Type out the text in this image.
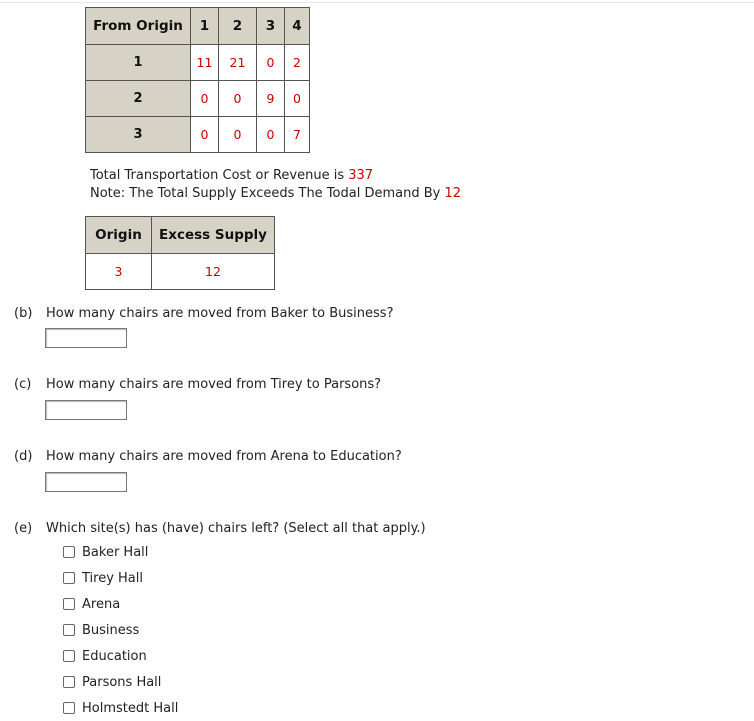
From Origin	1	2	3	4
1	11	21	0	2
2	0	0	9	0
3	0	0	0	7
Total Transportation Cost or Revenue is 337
Note: The Total Supply Exceeds The Todal Demand By 12
Origin	Excess Supply
3	12
(b) How many chairs are moved from Baker to Business?
(c) How many chairs are moved from Tirey to Parsons?
(d) How many chairs are moved from Arena to Education?
(e) Which site(s) has (have) chairs left? (Select all that apply.)
Baker Hall
Tirey Hall
Arena
Business
Education
Parsons Hall
Holmstedt Hall
